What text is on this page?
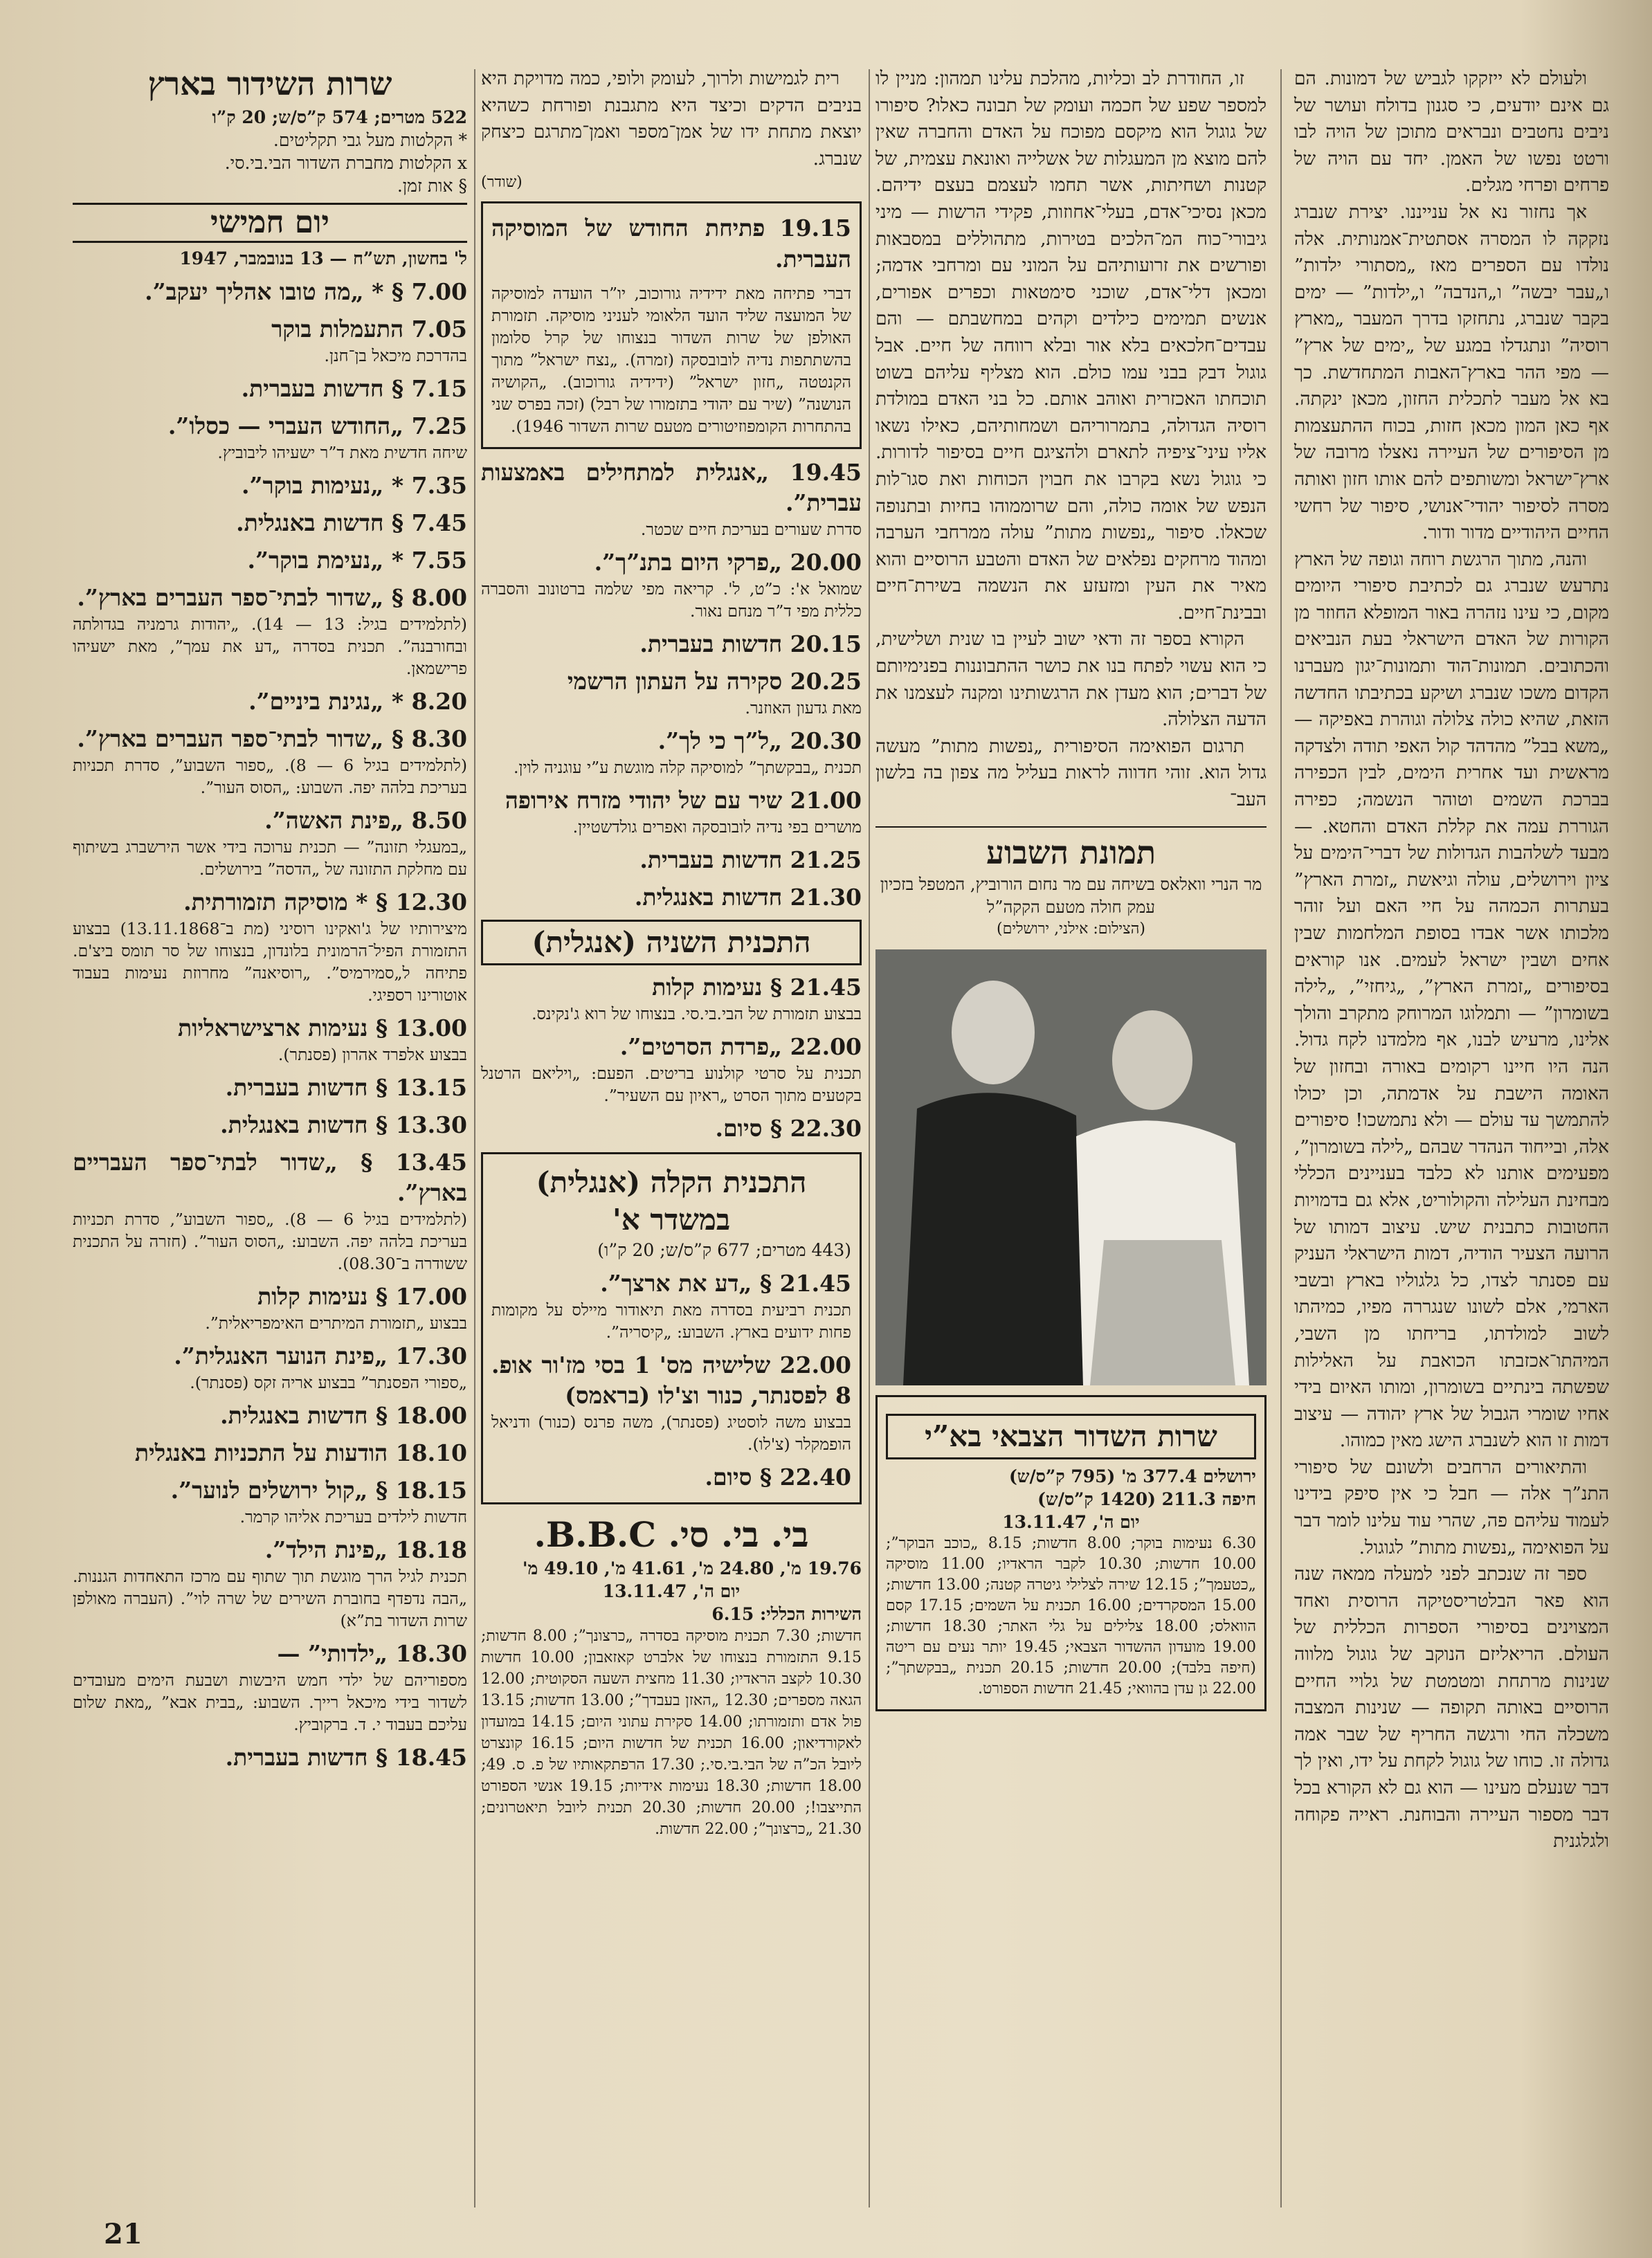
ולעולם לא ייזקקו לגביש של דמונות. הם גם אינם יודעים, כי סגנון בדולח ועושר של ניבים נחטבים ונבראים מתוכן של הויה לבו ורטט נפשו של האמן. יחד עם הויה של פרחים ופרחי מגלים.

אך נחזור נא אל ענייננו. יצירת שנברג נזקקה לו המסרה אסתטית־אמנותית. אלה נולדו עם הספרים מאז „מסתורי ילדות” ו„עבר יבשה” ו„הנדבה” ו„ילדות” — ימים בקבר שנברג, נתחזקו בדרך המעבר „מארץ רוסיה” ונתגדלו במגע של „ימים של ארץ” — מפי ההר בארץ־האבות המתחדשת. כך בא אל מעבר לתכלית החזון, מכאן ינקתה. אף כאן המון מכאן חזות, בכוח ההתעצמות מן הסיפורים של העיירה נאצלו מרובה של ארץ־ישראל ומשותפים להם אותו חזון ואותה מסרה לסיפור יהודי־אנושי, סיפור של רחשי החיים היהודיים מדור ודור.

והנה, מתוך הרגשת רוחה וגופה של הארץ נתרעש שנברג גם לכתיבת סיפורי היומים מקום, כי עינו נזהרה באור המופלא החוזר מן הקורות של האדם הישראלי בעת הנביאים והכתובים. תמונות־הוד ותמונות־יגון מעברנו הקדום משכו שנברג ושיקע בכתיבתו החדשה הזאת, שהיא כולה צלולה וגוהרת באפיקה — „משא בבל” מהדהד קול האפי תודה ולצדקה מראשית ועד אחרית הימים, לבין הכפירה בברכת השמים וטוהר הנשמה; כפירה הגוררת עמה את קללת האדם והחטא. — מבעד לשלהבות הגדולות של דברי־הימים על ציון וירושלים, עולה וגיאשת „זמרת הארץ” בעתרות הכמהה על חיי האם ועל זוהר מלכותו אשר אבדו בסופת המלחמות שבין אחים ושבין ישראל לעמים. אנו קוראים בסיפורים „זמרת הארץ”, „גיחזי”, „לילה בשומרון” — ותמלוגו המרוחק מתקרב והולך אלינו, מרעיש לבנו, אף מלמדנו לקח גדול. הנה היו חיינו רקומים באורה ובחזון של האומה הישבת על אדמתה, וכן יכולו להתמשך עד עולם — ולא נתמשכו! סיפורים אלה, ובייחוד הנהדר שבהם „לילה בשומרון”, מפעימים אותנו לא כלבד בעניינים הכללי מבחינת העלילה והקולוריט, אלא גם בדמויות החטובות כתבנית שיש. עיצוב דמותו של הרועה הצעיר הודיה, דמות הישראלי העניק עם פסנתר לצדו, כל גלגוליו בארץ ובשבי הארמי, אלם לשונו שנגררה מפיו, כמיהתו לשוב למולדתו, בריחתו מן השבי, המיהתו־אכזבתו הכואבת על האלילות שפשתה בינתיים בשומרון, ומותו האיום בידי אחיו שומרי הגבול של ארץ יהודה — עיצוב דמות זו הוא לשנברג הישג מאין כמוהו.

והתיאורים הרחבים ולשונם של סיפורי התנ”ך אלה — חבל כי אין סיפק בידינו לעמוד עליהם פה, שהרי עוד עלינו לומר דבר על הפואימה „נפשות מתות” לגוגול.

ספר זה שנכתב לפני למעלה ממאה שנה הוא פאר הבלטריסטיקה הרוסית ואחד המצוינים בסיפורי הספרות הכללית של העולם. הריאליזם הנוקב של גוגול מלווה שנינות מרתחת ומטמטת של גלויי החיים הרוסיים באותה תקופה — שנינות המצבה משכלה החי ורגשה החריף של שבר אמה גדולה זו. כוחו של גוגול לקחת על ידו, ואין לך דבר שנעלם מעינו — הוא גם לא הקורא בכל דבר מספור העיירה והבוחנת. ראייה פקוחה ולגלגנית

זו, החודרת לב וכליות, מהלכת עלינו תמהון: מניין לו למספר שפע של חכמה ועומק של תבונה כאלו? סיפורו של גוגול הוא מיקסם מפוכח על האדם והחברה שאין להם מוצא מן המעגלות של אשלייה ואונאת עצמית, של קטנות ושחיתות, אשר תחמו לעצמם בעצם ידיהם. מכאן נסיכי־אדם, בעלי־אחוזות, פקידי הרשות — מיני גיבורי־כוח המ־הלכים בטירות, מתהוללים במסבאות ופורשים את זרועותיהם על המוני עם ומרחבי אדמה; ומכאן דלי־אדם, שוכני סימטאות וכפרים אפורים, אנשים תמימים כילדים וקהים במחשבתם — והם עבדים־חלכאים בלא אור ובלא רווחה של חיים. אבל גוגול דבק בבני עמו כולם. הוא מצליף עליהם בשוט תוכחתו האכזרית ואוהב אותם. כל בני האדם במולדת רוסיה הגדולה, בתמרוריהם ושמחותיהם, כאילו נשאו אליו עיני־ציפיה לתארם ולהציגם חיים בסיפור לדורות. כי גוגול נשא בקרבו את חבוין הכוחות ואת סגו־לות הנפש של אומה כולה, והם שרוממוהו בחיות ובתנופה שכאלו. סיפור „נפשות מתות” עולה ממרחבי הערבה ומהוד מרחקים נפלאים של האדם והטבע הרוסיים והוא מאיר את העין ומזעזע את הנשמה בשירת־חיים ובבינת־חיים.

הקורא בספר זה ודאי ישוב לעיין בו שנית ושלישית, כי הוא עשוי לפתח בנו את כושר ההתבוננות בפנימיותם של דברים; הוא מעדן את הרגשותינו ומקנה לעצמנו את הדעה הצלולה.

תרגום הפואימה הסיפורית „נפשות מתות” מעשה גדול הוא. זוהי חדווה לראות בעליל מה צפון בה בלשון העב־

תמונת השבוע
מר הנרי וואלאס בשיחה עם מר נחום הורוביץ, המטפל בזכיון עמק חולה מטעם הקקה”ל
(הצילום: אילני, ירושלים)
שרות השדור הצבאי בא”י
ירושלים 377.4 מ' (795 ק”ס/ש)
חיפה 211.3 (1420 ק”ס/ש)
יום ה', 13.11.47
6.30 נעימות בוקר; 8.00 חדשות; 8.15 „כוכב הבוקר”; 10.00 חדשות; 10.30 לקבר הראדיו; 11.00 מוסיקה „כטעמך”; 12.15 שירה לצלילי גיטרה קטנה; 13.00 חדשות; 15.00 המסקרדים; 16.00 תכנית על השמים; 17.15 קסם הוואלס; 18.00 צלילים על גלי האתר; 18.30 חדשות; 19.00 מועדון ההשדור הצבאי; 19.45 יותר נעים עם ריטה (חיפה בלבד); 20.00 חדשות; 20.15 תכנית „בבקשתך”; 22.00 גן עדן בהוואי; 21.45 חדשות הספורט.

רית לגמישות ולרוך, לעומק ולופי, כמה מדויקת היא בניבים הדקים וכיצד היא מתגבנת ופורחת כשהיא יוצאת מתחת ידו של אמן־מספר ואמן־מתרגם כיצחק שנברג.

(שודר)
19.15 פתיחת החודש של המוסיקה העברית.
דברי פתיחה מאת ידידיה גורוכוב, יו”ר הועדה למוסיקה של המועצה שליד הועד הלאומי לעניני מוסיקה. תזמורת האולפן של שרות השדור בנצוחו של קרל סלומון בהשתתפות נדיה לובובסקה (זמרה). „נצח ישראל” מתוך הקנטטה „חזון ישראל” (ידידיה גורוכוב). „הקושיה הנושנה” (שיר עם יהודי בתזמורו של רבל) (זכה בפרס שני בהתחרות הקומפוזיטורים מטעם שרות השדור 1946).
19.45 „אנגלית למתחילים באמצעות עברית”.
סדרת שעורים בעריכת חיים שכטר.
20.00 „פרקי היום בתנ”ך”.
שמואל א': כ”ט, ל'. קריאה מפי שלמה ברטונוב והסברה כללית מפי ד”ר מנחם נאור.
20.15 חדשות בעברית.
20.25 סקירה על העתון הרשמי
מאת גדעון האוזנר.
20.30 „ל”ך כי לך”.
תכנית „בבקשתך” למוסיקה קלה מוגשת ע”י עוגניה לוין.
21.00 שיר עם של יהודי מזרח אירופה
מושרים בפי נדיה לובובסקה ואפרים גולדשטיין.
21.25 חדשות בעברית.
21.30 חדשות באנגלית.
התכנית השניה (אנגלית)
21.45 § נעימות קלות
בבצוע תזמורת של הבי.בי.סי. בנצוחו של רוא ג'נקינס.
22.00 „פרדת הסרטים”.
תכנית על סרטי קולנוע בריטים. הפעם: „ויליאם הרטנל בקטעים מתוך הסרט „ראיון עם השעיר”.
22.30 § סיום.
התכנית הקלה (אנגלית) במשדר א'
(443 מטרים; 677 ק”ס/ש; 20 ק”ו)
21.45 § „דע את ארצך”.
תכנית רביעית בסדרה מאת תיאודור מיילס על מקומות פחות ידועים בארץ. השבוע: „קיסריה”.
22.00 שלישיה מס' 1 בסי מז'ור אופ. 8 לפסנתר, כנור וצ'לו (בראמס)
בבצוע משה לוסטיג (פסנתר), משה פרנס (כנור) ודניאל הופמקלר (צ'לו).
22.40 § סיום.
בי. בי. סי. B.B.C.
19.76 מ', 24.80 מ', 41.61 מ', 49.10 מ'
יום ה', 13.11.47
השירות הכללי: 6.15
חדשות; 7.30 תכנית מוסיקה בסדרה „כרצונך”; 8.00 חדשות; 9.15 התזמורת בנצוחו של אלברט קאזאבון; 10.00 חדשות 10.30 לקצב הראדיו; 11.30 מחצית השעה הסקוטית; 12.00 הגאה מספרים; 12.30 „האזן בעבדך”; 13.00 חדשות; 13.15 פול אדם ותזמורתו; 14.00 סקירת עתוני היום; 14.15 במועדון לאקורדיאון; 16.00 תכנית של חדשות היום; 16.15 קונצרט ליובל הכ”ה של הבי.בי.סי.; 17.30 הרפתקאותיו של פ. ס. 49; 18.00 חדשות; 18.30 נעימות אידיות; 19.15 אנשי הספורט התייצבו!; 20.00 חדשות; 20.30 תכנית ליובל תיאטרונים; 21.30 „כרצונך”; 22.00 חדשות.
שרות השידור בארץ
522 מטרים; 574 ק”ס/ש; 20 ק”ו
* הקלטות מעל גבי תקליטים.
x הקלטות מחברת השדור הבי.בי.סי.
§ אות זמן.
יום חמישי
ל' בחשון, תש”ח — 13 בנובמבר, 1947
7.00 § * „מה טובו אהליך יעקב”.
7.05 התעמלות בוקר
בהדרכת מיכאל בן־חנן.
7.15 § חדשות בעברית.
7.25 „החודש העברי — כסלו”.
שיחה חדשית מאת ד”ר ישעיהו ליבוביץ.
7.35 * „נעימות בוקר”.
7.45 § חדשות באנגלית.
7.55 * „נעימת בוקר”.
8.00 § „שדור לבתי־ספר העברים בארץ”.
(לתלמידים בגיל: 13 — 14). „יהודות גרמניה בגדולתה ובחורבנה”. תכנית בסדרה „דע את עמך”, מאת ישעיהו פרישמאן.
8.20 * „נגינת ביניים”.
8.30 § „שדור לבתי־ספר העברים בארץ”.
(לתלמידים בגיל 6 — 8). „ספור השבוע”, סדרת תכניות בעריכת בלהה יפה. השבוע: „הסוס העור”.
8.50 „פינת האשה”.
„במעגלי תזונה” — תכנית ערוכה בידי אשר הירשברג בשיתוף עם מחלקת התזונה של „הדסה” בירושלים.
12.30 § * מוסיקה תזמורתית.
מיצירותיו של ג'ואקינו רוסיני (מת ב־13.11.1868) בבצוע התזמורת הפיל־הרמונית בלונדון, בנצוחו של סר תומס ביצ'ם. פתיחה ל„סמירמיס”. „רוסיאנה” מחרוזת נעימות בעבוד אוטורינו רספיגי.
13.00 § נעימות ארצישראליות
בבצוע אלפרד אהרון (פסנתר).
13.15 § חדשות בעברית.
13.30 § חדשות באנגלית.
13.45 § „שדור לבתי־ספר העבריים בארץ”.
(לתלמידים בגיל 6 — 8). „ספור השבוע”, סדרת תכניות בעריכת בלהה יפה. השבוע: „הסוס העור”. (חזרה על התכנית ששודרה ב־08.30).
17.00 § נעימות קלות
בבצוע „תזמורת המיתרים האימפריאלית”.
17.30 „פינת הנוער האנגלית”.
„ספורי הפסנתר” בבצוע אריה זקס (פסנתר).
18.00 § חדשות באנגלית.
18.10 הודעות על התכניות באנגלית
18.15 § „קול ירושלים לנוער”.
חדשות לילדים בעריכת אליהו קרמר.
18.18 „פינת הילד”.
תכנית לגיל הרך מוגשת תוך שתוף עם מרכז התאחדות הגננות. „הבה נדפדף בחוברת השירים של שרה לוי”. (העברה מאולפן שרות השדור בת”א)
18.30 „ילדותי” —
מספוריהם של ילדי חמש היבשות ושבעת הימים מעובדים לשדור בידי מיכאל רייך. השבוע: „בבית אבא” „מאת שלום עליכם בעבוד י. ד. ברקוביץ.
18.45 § חדשות בעברית.
21
